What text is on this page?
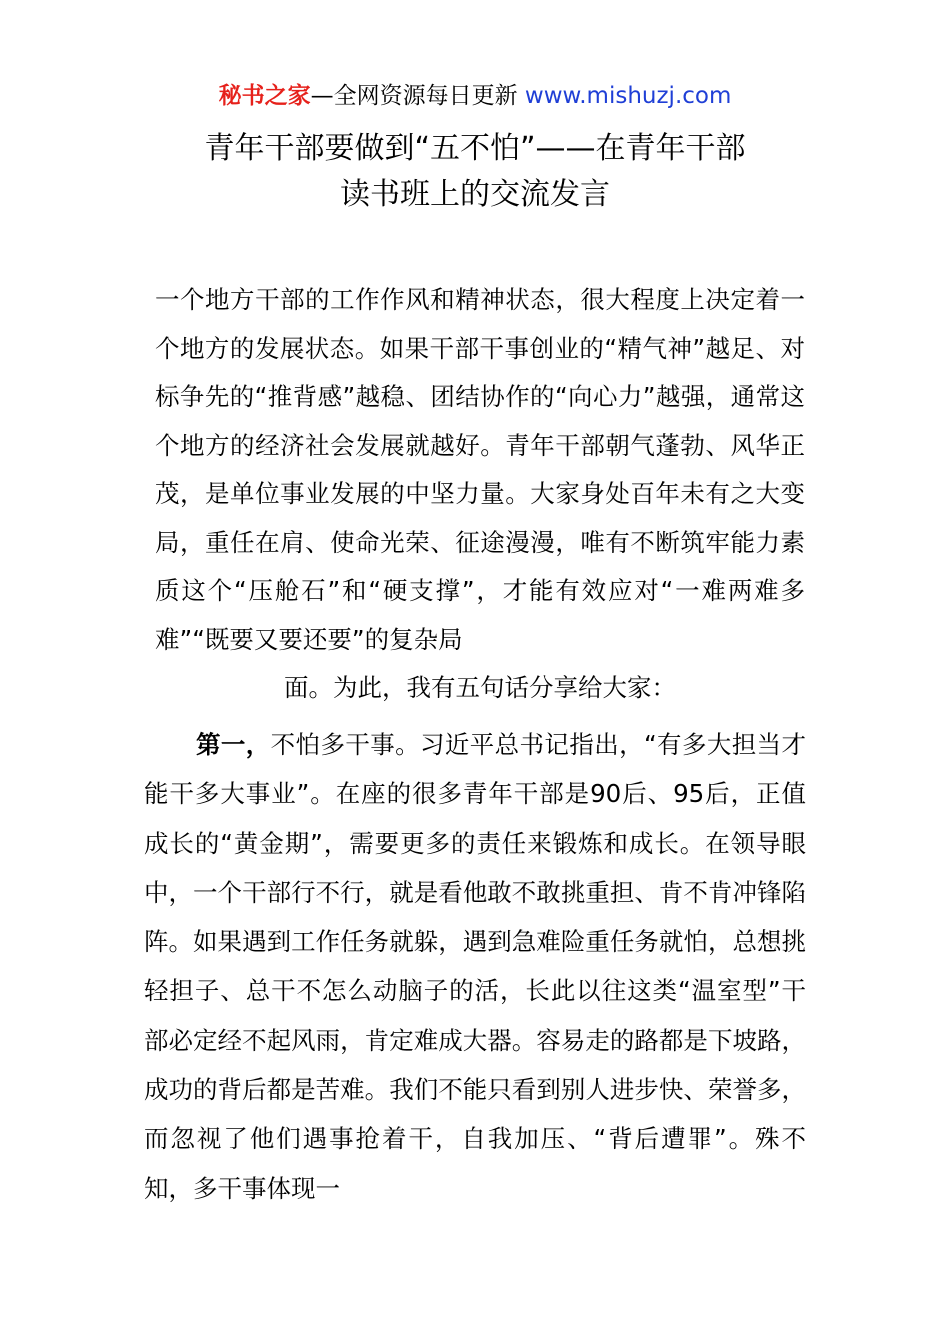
秘书之家—全网资源每日更新 www.mishuzj.com
青年干部要做到“五不怕”——在青年干部
读书班上的交流发言
一个地方干部的工作作风和精神状态，很大程度上决定着一个地方的发展状态。如果干部干事创业的“精气神”越足、对标争先的“推背感”越稳、团结协作的“向心力”越强，通常这个地方的经济社会发展就越好。青年干部朝气蓬勃、风华正茂，是单位事业发展的中坚力量。大家身处百年未有之大变局，重任在肩、使命光荣、征途漫漫，唯有不断筑牢能力素质这个“压舱石”和“硬支撑”，才能有效应对“一难两难多难”“既要又要还要”的复杂局
面。为此，我有五句话分享给大家：
第一，不怕多干事。习近平总书记指出，“有多大担当才能干多大事业”。在座的很多青年干部是90后、95后，正值成长的“黄金期”，需要更多的责任来锻炼和成长。在领导眼中，一个干部行不行，就是看他敢不敢挑重担、肯不肯冲锋陷阵。如果遇到工作任务就躲，遇到急难险重任务就怕，总想挑轻担子、总干不怎么动脑子的活，长此以往这类“温室型”干部必定经不起风雨，肯定难成大器。容易走的路都是下坡路，成功的背后都是苦难。我们不能只看到别人进步快、荣誉多，而忽视了他们遇事抢着干，自我加压、“背后遭罪”。殊不知，多干事体现一
